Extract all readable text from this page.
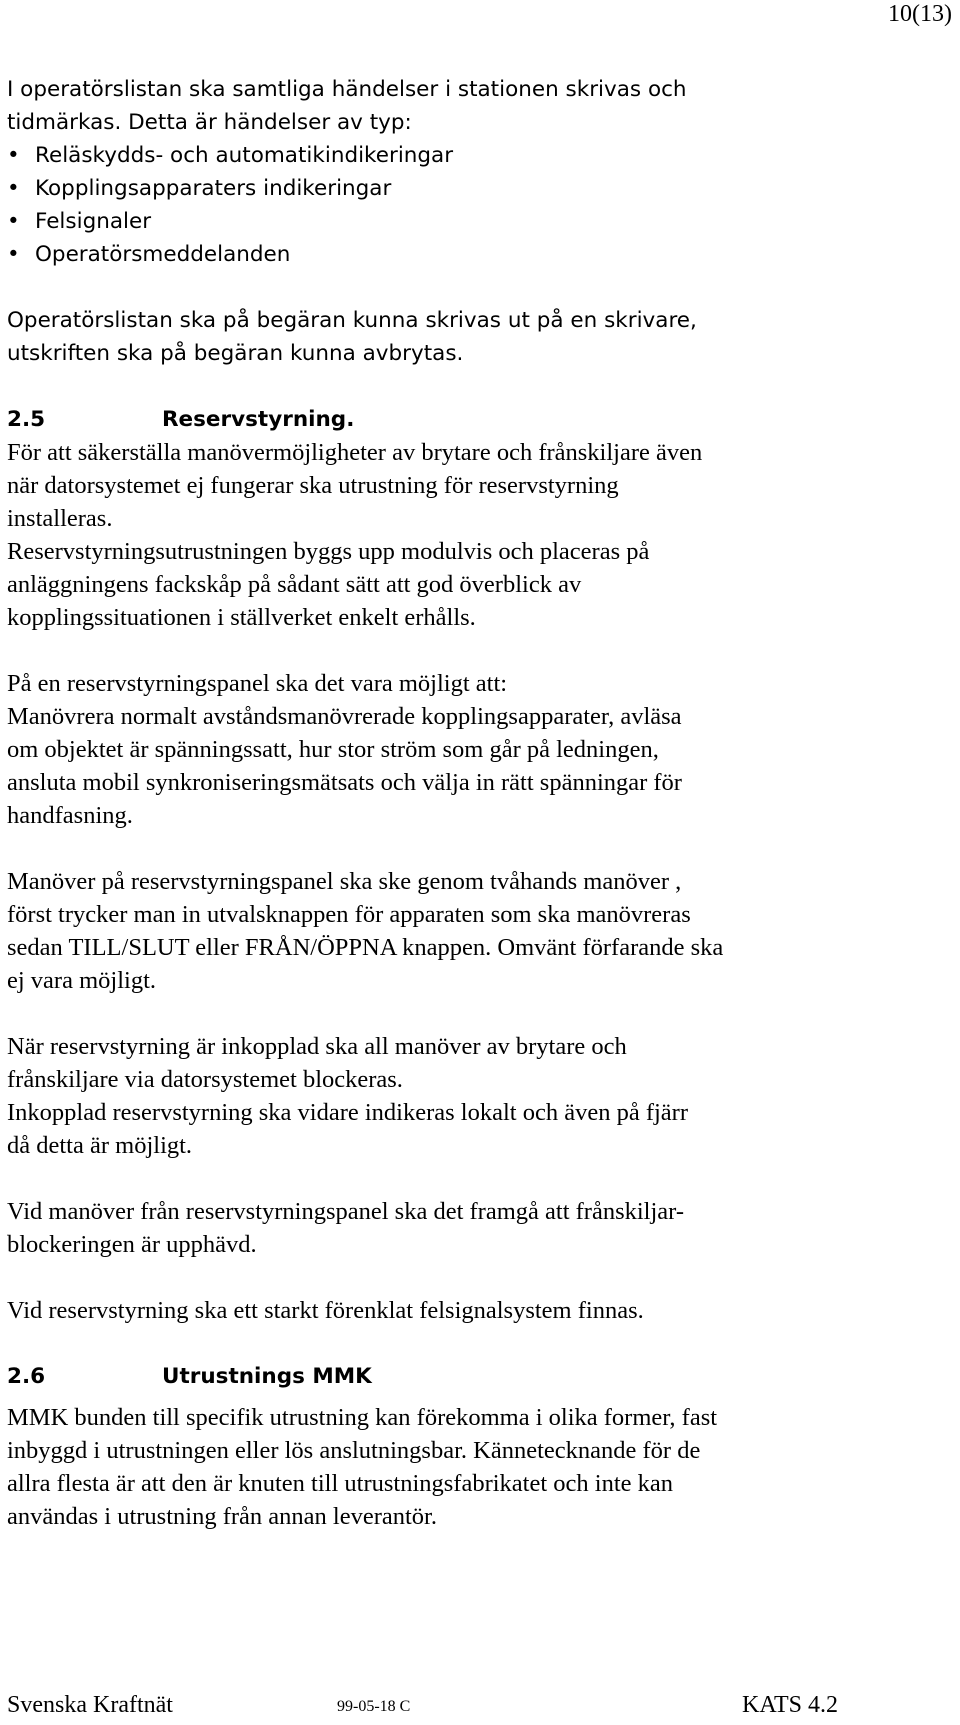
10(13)

I operatörslistan ska samtliga händelser i stationen skrivas och

tidmärkas. Detta är händelser av typ:

• Reläskydds- och automatikindikeringar
• Kopplingsapparaters indikeringar
• Felsignaler
• Operatörsmeddelanden

Operatörslistan ska på begäran kunna skrivas ut på en skrivare,

utskriften ska på begäran kunna avbrytas.

2.5	Reservstyrning.

För att säkerställa manövermöjligheter av brytare och frånskiljare även

när datorsystemet ej fungerar ska utrustning för reservstyrning

installeras.

Reservstyrningsutrustningen byggs upp modulvis och placeras på

anläggningens fackskåp på sådant sätt att god överblick av

kopplingssituationen i ställverket enkelt erhålls.

På en reservstyrningspanel ska det vara möjligt att:

Manövrera normalt avståndsmanövrerade kopplingsapparater, avläsa

om objektet är spänningssatt, hur stor ström som går på ledningen,

ansluta mobil synkroniseringsmätsats och välja in rätt spänningar för

handfasning.

Manöver på reservstyrningspanel ska ske genom tvåhands manöver ,

först trycker man in utvalsknappen för apparaten som ska manövreras

sedan TILL/SLUT eller FRÅN/ÖPPNA knappen. Omvänt förfarande ska

ej vara möjligt.

När reservstyrning är inkopplad ska all manöver av brytare och

frånskiljare via datorsystemet blockeras.

Inkopplad reservstyrning ska vidare indikeras lokalt och även på fjärr

då detta är möjligt.

Vid manöver från reservstyrningspanel ska det framgå att frånskiljar-

blockeringen är upphävd.

Vid reservstyrning ska ett starkt förenklat felsignalsystem finnas.

2.6	Utrustnings MMK

MMK bunden till specifik utrustning kan förekomma i olika former, fast

inbyggd i utrustningen eller lös anslutningsbar. Kännetecknande för de

allra flesta är att den är knuten till utrustningsfabrikatet och inte kan

användas i utrustning från annan leverantör.

Svenska Kraftnät	99-05-18 C	KATS 4.2
